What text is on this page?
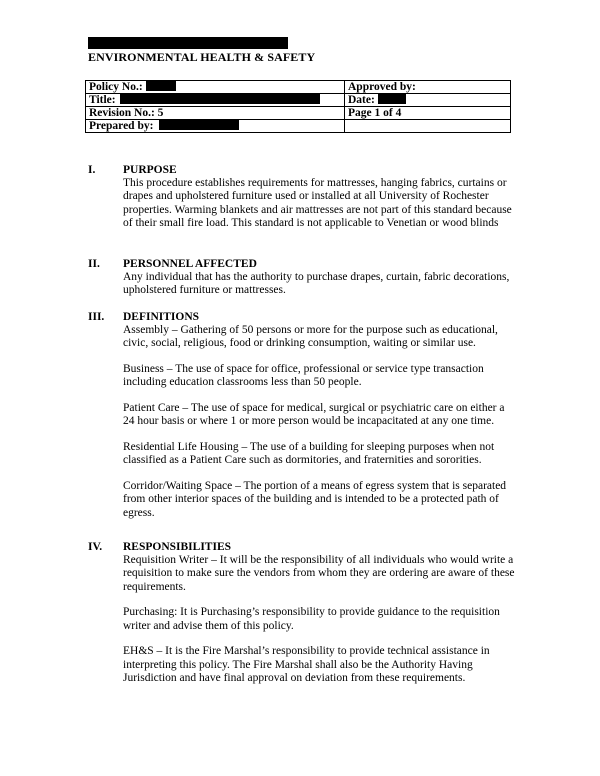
ENVIRONMENTAL HEALTH & SAFETY
Policy No.:	Approved by:
Title:	Date:
Revision No.: 5	Page 1 of 4
Prepared by:	
I. PURPOSE

This procedure establishes requirements for mattresses, hanging fabrics, curtains or drapes and upholstered furniture used or installed at all University of Rochester properties. Warming blankets and air mattresses are not part of this standard because of their small fire load. This standard is not applicable to Venetian or wood blinds

II. PERSONNEL AFFECTED

Any individual that has the authority to purchase drapes, curtain, fabric decorations, upholstered furniture or mattresses.

III. DEFINITIONS

Assembly – Gathering of 50 persons or more for the purpose such as educational, civic, social, religious, food or drinking consumption, waiting or similar use.

Business – The use of space for office, professional or service type transaction including education classrooms less than 50 people.

Patient Care – The use of space for medical, surgical or psychiatric care on either a 24 hour basis or where 1 or more person would be incapacitated at any one time.

Residential Life Housing – The use of a building for sleeping purposes when not classified as a Patient Care such as dormitories, and fraternities and sororities.

Corridor/Waiting Space – The portion of a means of egress system that is separated from other interior spaces of the building and is intended to be a protected path of egress.

IV. RESPONSIBILITIES

Requisition Writer – It will be the responsibility of all individuals who would write a requisition to make sure the vendors from whom they are ordering are aware of these requirements.

Purchasing: It is Purchasing’s responsibility to provide guidance to the requisition writer and advise them of this policy.

EH&S – It is the Fire Marshal’s responsibility to provide technical assistance in interpreting this policy. The Fire Marshal shall also be the Authority Having Jurisdiction and have final approval on deviation from these requirements.
